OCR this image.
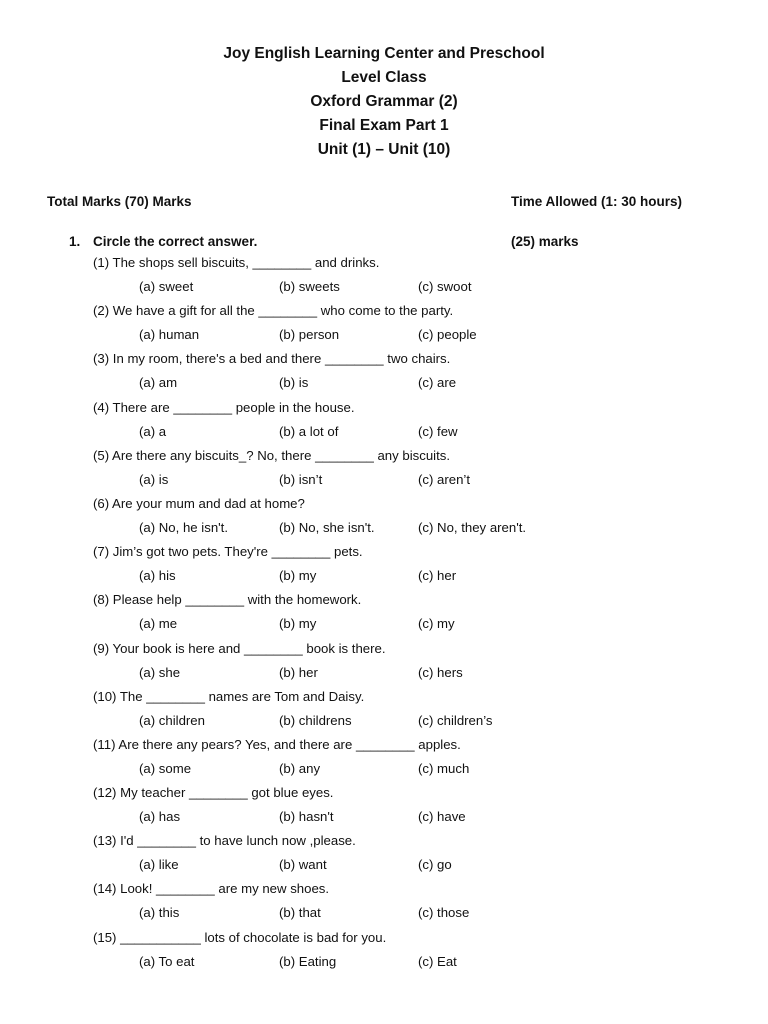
Joy English Learning Center and Preschool
Level Class
Oxford Grammar (2)
Final Exam Part 1
Unit (1) – Unit (10)
Total Marks (70) Marks	Time Allowed (1: 30 hours)
1. Circle the correct answer.	(25) marks
(1) The shops sell biscuits, ________ and drinks.
(a) sweet	(b) sweets	(c) swoot
(2) We have a gift for all the ________ who come to the party.
(a) human	(b) person	(c) people
(3) In my room, there's a bed and there ________ two chairs.
(a) am	(b) is	(c) are
(4) There are ________ people in the house.
(a) a	(b) a lot of	(c) few
(5) Are there any biscuits_? No, there ________ any biscuits.
(a) is	(b) isn’t	(c) aren’t
(6) Are your mum and dad at home?
(a) No, he isn't.	(b) No, she isn't.	(c) No, they aren't.
(7) Jim’s got two pets. They're ________ pets.
(a) his	(b) my	(c) her
(8) Please help ________ with the homework.
(a) me	(b) my	(c) my
(9) Your book is here and ________ book is there.
(a) she	(b) her	(c) hers
(10) The ________ names are Tom and Daisy.
(a) children	(b) childrens	(c) children’s
(11) Are there any pears? Yes, and there are ________ apples.
(a) some	(b) any	(c) much
(12) My teacher ________ got blue eyes.
(a) has	(b) hasn't	(c) have
(13) I'd ________ to have lunch now ,please.
(a) like	(b) want	(c) go
(14) Look! ________ are my new shoes.
(a) this	(b) that	(c) those
(15) ___________ lots of chocolate is bad for you.
(a) To eat	(b) Eating	(c) Eat
